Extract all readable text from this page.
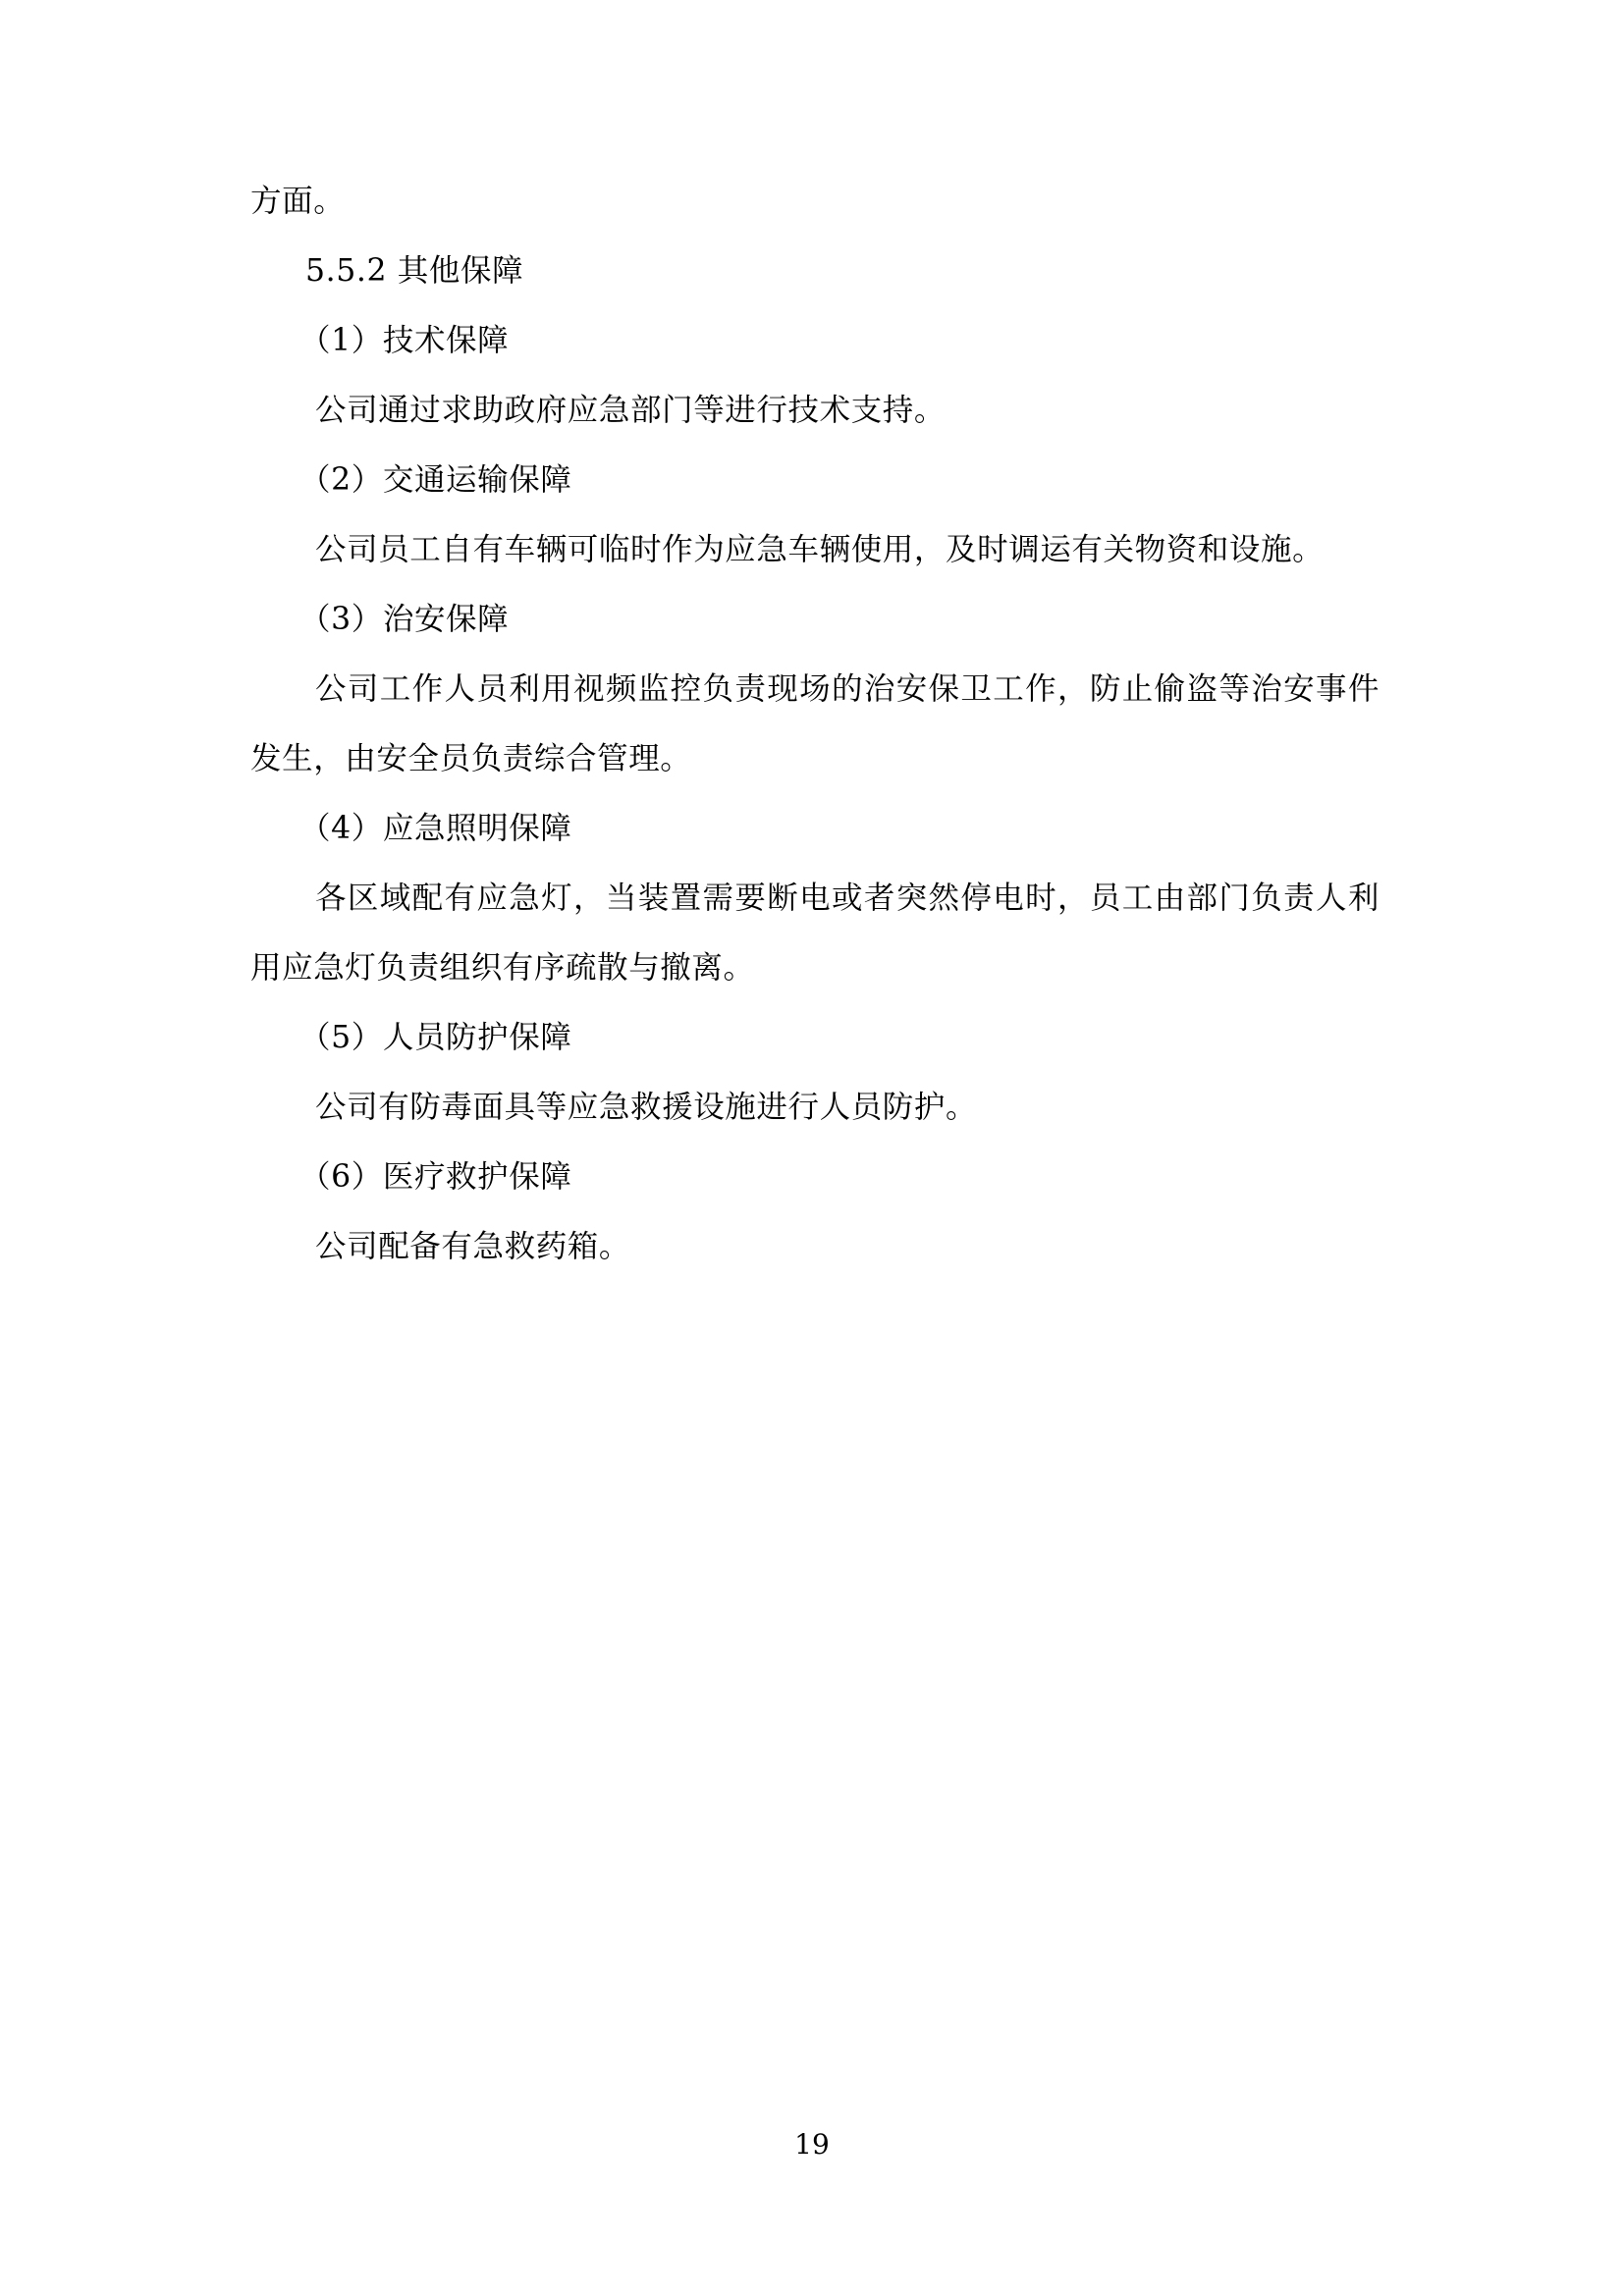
方面。

5.5.2 其他保障

（1）技术保障

公司通过求助政府应急部门等进行技术支持。

（2）交通运输保障

公司员工自有车辆可临时作为应急车辆使用，及时调运有关物资和设施。

（3）治安保障

公司工作人员利用视频监控负责现场的治安保卫工作，防止偷盗等治安事件发生，由安全员负责综合管理。

（4）应急照明保障

各区域配有应急灯，当装置需要断电或者突然停电时，员工由部门负责人利用应急灯负责组织有序疏散与撤离。

（5）人员防护保障

公司有防毒面具等应急救援设施进行人员防护。

（6）医疗救护保障

公司配备有急救药箱。

19
